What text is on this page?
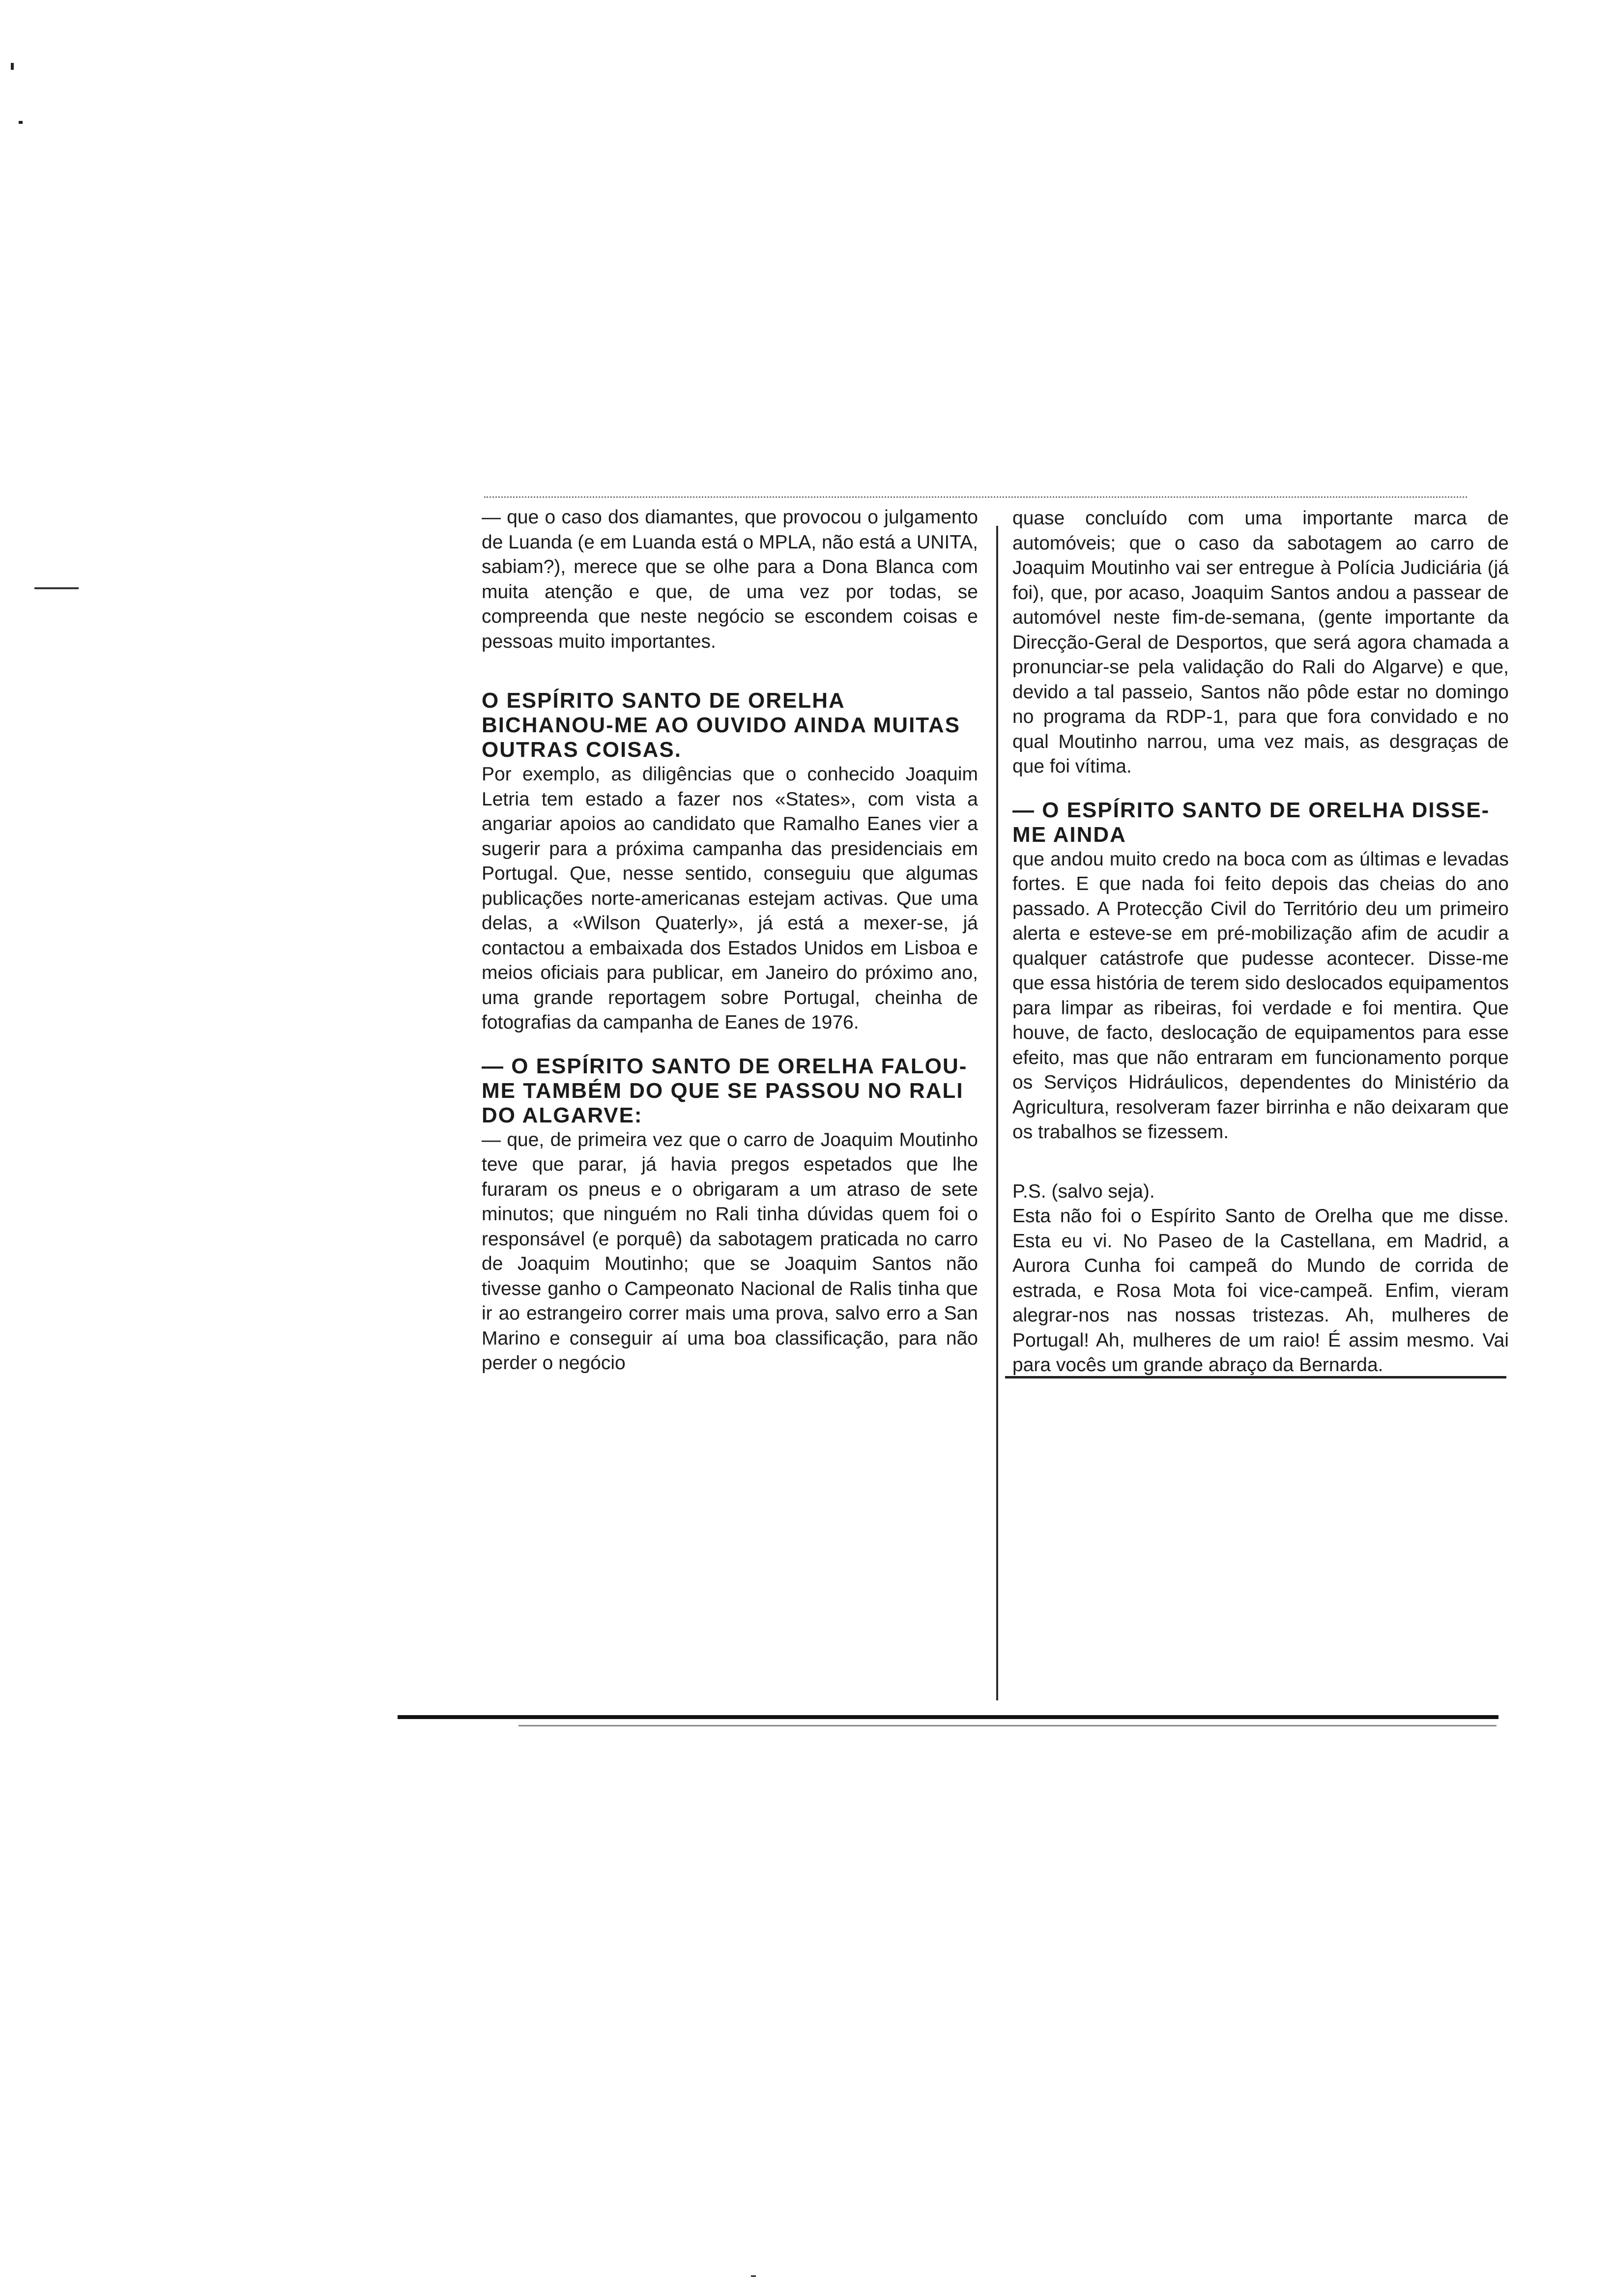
— que o caso dos diamantes, que provocou o julgamento de Luanda (e em Luanda está o MPLA, não está a UNITA, sabiam?), merece que se olhe para a Dona Blanca com muita atenção e que, de uma vez por todas, se compreenda que neste negócio se escondem coisas e pessoas muito importantes.

O ESPÍRITO SANTO DE ORELHA BICHANOU-ME AO OUVIDO AINDA MUITAS OUTRAS COISAS.

Por exemplo, as diligências que o conhecido Joaquim Letria tem estado a fazer nos «States», com vista a angariar apoios ao candidato que Ramalho Eanes vier a sugerir para a próxima campanha das presidenciais em Portugal. Que, nesse sentido, conseguiu que algumas publicações norte-americanas estejam activas. Que uma delas, a «Wilson Quaterly», já está a mexer-se, já contactou a embaixada dos Estados Unidos em Lisboa e meios oficiais para publicar, em Janeiro do próximo ano, uma grande reportagem sobre Portugal, cheinha de fotografias da campanha de Eanes de 1976.

— O ESPÍRITO SANTO DE ORELHA FALOU-ME TAMBÉM DO QUE SE PASSOU NO RALI DO ALGARVE:

— que, de primeira vez que o carro de Joaquim Moutinho teve que parar, já havia pregos espetados que lhe furaram os pneus e o obrigaram a um atraso de sete minutos; que ninguém no Rali tinha dúvidas quem foi o responsável (e porquê) da sabotagem praticada no carro de Joaquim Moutinho; que se Joaquim Santos não tivesse ganho o Campeonato Nacional de Ralis tinha que ir ao estrangeiro correr mais uma prova, salvo erro a San Marino e conseguir aí uma boa classificação, para não perder o negócio

quase concluído com uma importante marca de automóveis; que o caso da sabotagem ao carro de Joaquim Moutinho vai ser entregue à Polícia Judiciária (já foi), que, por acaso, Joaquim Santos andou a passear de automóvel neste fim-de-semana, (gente importante da Direcção-Geral de Desportos, que será agora chamada a pronunciar-se pela validação do Rali do Algarve) e que, devido a tal passeio, Santos não pôde estar no domingo no programa da RDP-1, para que fora convidado e no qual Moutinho narrou, uma vez mais, as desgraças de que foi vítima.

— O ESPÍRITO SANTO DE ORELHA DISSE-ME AINDA

que andou muito credo na boca com as últimas e levadas fortes. E que nada foi feito depois das cheias do ano passado. A Protecção Civil do Território deu um primeiro alerta e esteve-se em pré-mobilização afim de acudir a qualquer catástrofe que pudesse acontecer. Disse-me que essa história de terem sido deslocados equipamentos para limpar as ribeiras, foi verdade e foi mentira. Que houve, de facto, deslocação de equipamentos para esse efeito, mas que não entraram em funcionamento porque os Serviços Hidráulicos, dependentes do Ministério da Agricultura, resolveram fazer birrinha e não deixaram que os trabalhos se fizessem.

P.S. (salvo seja).

Esta não foi o Espírito Santo de Orelha que me disse. Esta eu vi. No Paseo de la Castellana, em Madrid, a Aurora Cunha foi campeã do Mundo de corrida de estrada, e Rosa Mota foi vice-campeã. Enfim, vieram alegrar-nos nas nossas tristezas. Ah, mulheres de Portugal! Ah, mulheres de um raio! É assim mesmo. Vai para vocês um grande abraço da Bernarda.
